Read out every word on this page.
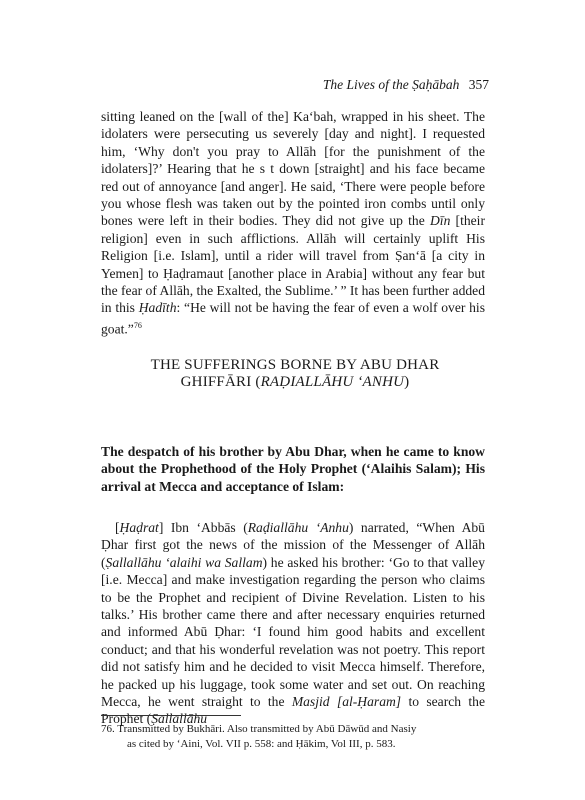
The Lives of the Ṣaḥābah 357
sitting leaned on the [wall of the] Ka‘bah, wrapped in his sheet. The idolaters were persecuting us severely [day and night]. I requested him, ‘Why don't you pray to Allāh [for the punishment of the idolaters]?’ Hearing that he s t down [straight] and his face became red out of annoyance [and anger]. He said, ‘There were people before you whose flesh was taken out by the pointed iron combs until only bones were left in their bodies. They did not give up the Dīn [their religion] even in such afflictions. Allāh will certainly uplift His Religion [i.e. Islam], until a rider will travel from Ṣan‘ā [a city in Yemen] to Ḥaḍramaut [another place in Arabia] without any fear but the fear of Allāh, the Exalted, the Sublime.’ ” It has been further added in this Ḥadīth: “He will not be having the fear of even a wolf over his goat.”$^{76}$
THE SUFFERINGS BORNE BY ABU DHAR
GHIFFĀRI (RAḌIALLĀHU ‘ANHU)
The despatch of his brother by Abu Dhar, when he came to know about the Prophethood of the Holy Prophet (‘Alaihis Salam); His arrival at Mecca and acceptance of Islam:
[Ḥaḍrat] Ibn ‘Abbās (Raḍiallāhu ‘Anhu) narrated, “When Abū Ḍhar first got the news of the mission of the Messenger of Allāh (Ṣallallāhu ‘alaihi wa Sallam) he asked his brother: ‘Go to that valley [i.e. Mecca] and make investigation regarding the person who claims to be the Prophet and recipient of Divine Revelation. Listen to his talks.’ His brother came there and after necessary enquiries returned and informed Abū Ḍhar: ‘I found him good habits and excellent conduct; and that his wonderful revelation was not poetry. This report did not satisfy him and he decided to visit Mecca himself. Therefore, he packed up his luggage, took some water and set out. On reaching Mecca, he went straight to the Masjid [al-Ḥaram] to search the Prophet (Ṣallallāhu
76. Transmitted by Bukhāri. Also transmitted by Abū Dāwūd and Nasiy
as cited by ‘Aini, Vol. VII p. 558: and Ḥākim, Vol III, p. 583.
